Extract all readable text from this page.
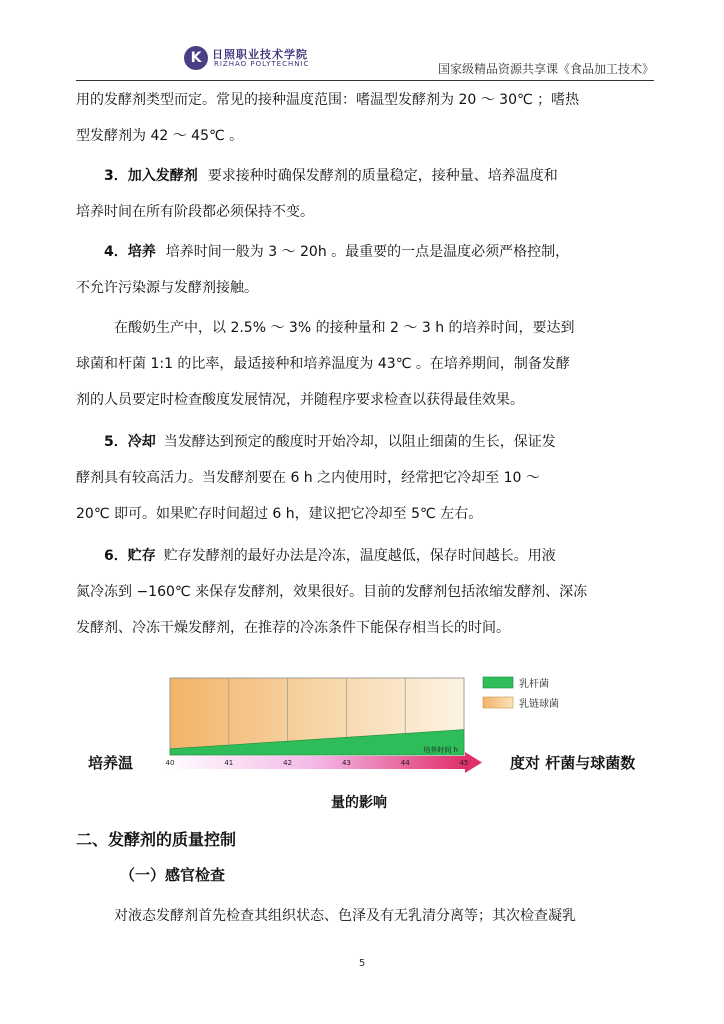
K 日照职业技术学院
RIZHAO POLYTECHNIC	国家级精品资源共享课《食品加工技术》
用的发酵剂类型而定。常见的接种温度范围：嗜温型发酵剂为 20 ～ 30℃ ；嗜热
型发酵剂为 42 ～ 45℃ 。
3．加入发酵剂 要求接种时确保发酵剂的质量稳定，接种量、培养温度和
培养时间在所有阶段都必须保持不变。
4．培养 培养时间一般为 3 ～ 20h 。最重要的一点是温度必须严格控制，
不允许污染源与发酵剂接触。
在酸奶生产中，以 2.5% ～ 3% 的接种量和 2 ～ 3 h 的培养时间，要达到
球菌和杆菌 1:1 的比率，最适接种和培养温度为 43℃ 。在培养期间，制备发酵
剂的人员要定时检查酸度发展情况，并随程序要求检查以获得最佳效果。
5．冷却 当发酵达到预定的酸度时开始冷却，以阻止细菌的生长，保证发
酵剂具有较高活力。当发酵剂要在 6 h 之内使用时，经常把它冷却至 10 ～
20℃ 即可。如果贮存时间超过 6 h，建议把它冷却至 5℃ 左右。
6．贮存 贮存发酵剂的最好办法是冷冻，温度越低，保存时间越长。用液
氮冷冻到 −160℃ 来保存发酵剂，效果很好。目前的发酵剂包括浓缩发酵剂、深冻
发酵剂、冷冻干燥发酵剂，在推荐的冷冻条件下能保存相当长的时间。
培养时间 h
40	41	42	43	44	45
乳杆菌
乳链球菌
培养温	度对 杆菌与球菌数
量的影响
二、发酵剂的质量控制
（一）感官检查
对液态发酵剂首先检查其组织状态、色泽及有无乳清分离等；其次检查凝乳
5
